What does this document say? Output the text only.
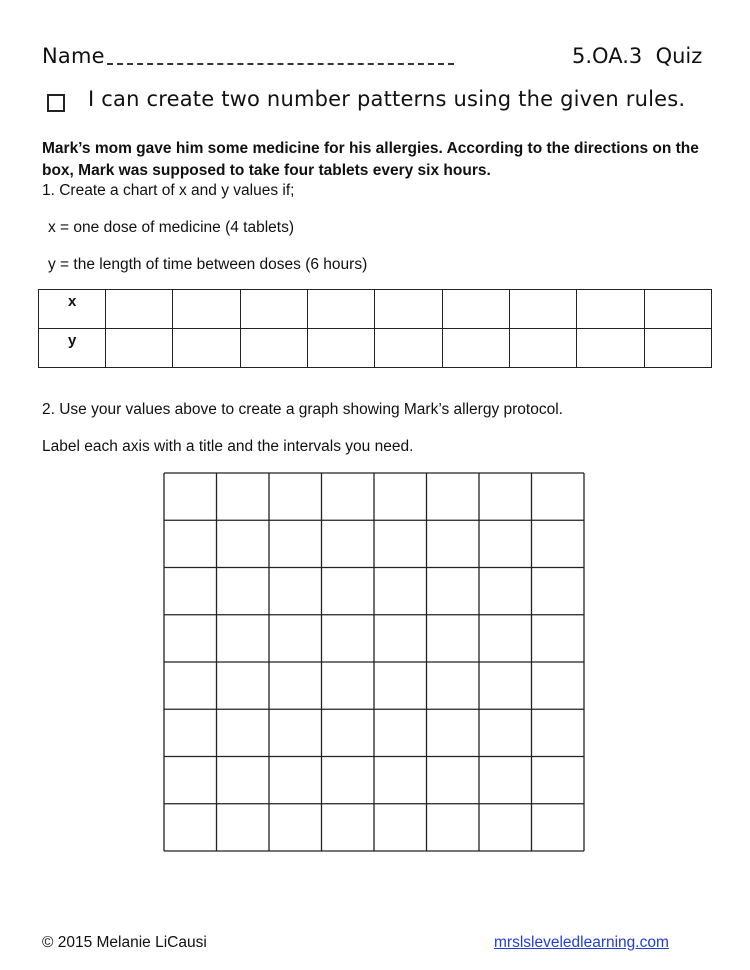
Name	5.OA.3  Quiz
I can create two number patterns using the given rules.
Mark’s mom gave him some medicine for his allergies. According to the directions on the box, Mark was supposed to take four tablets every six hours.
1. Create a chart of x and y values if;
x = one dose of medicine (4 tablets)
y = the length of time between doses (6 hours)
x									
y									
2. Use your values above to create a graph showing Mark’s allergy protocol.
Label each axis with a title and the intervals you need.
© 2015 Melanie LiCausi	mrslsleveledlearning.com
